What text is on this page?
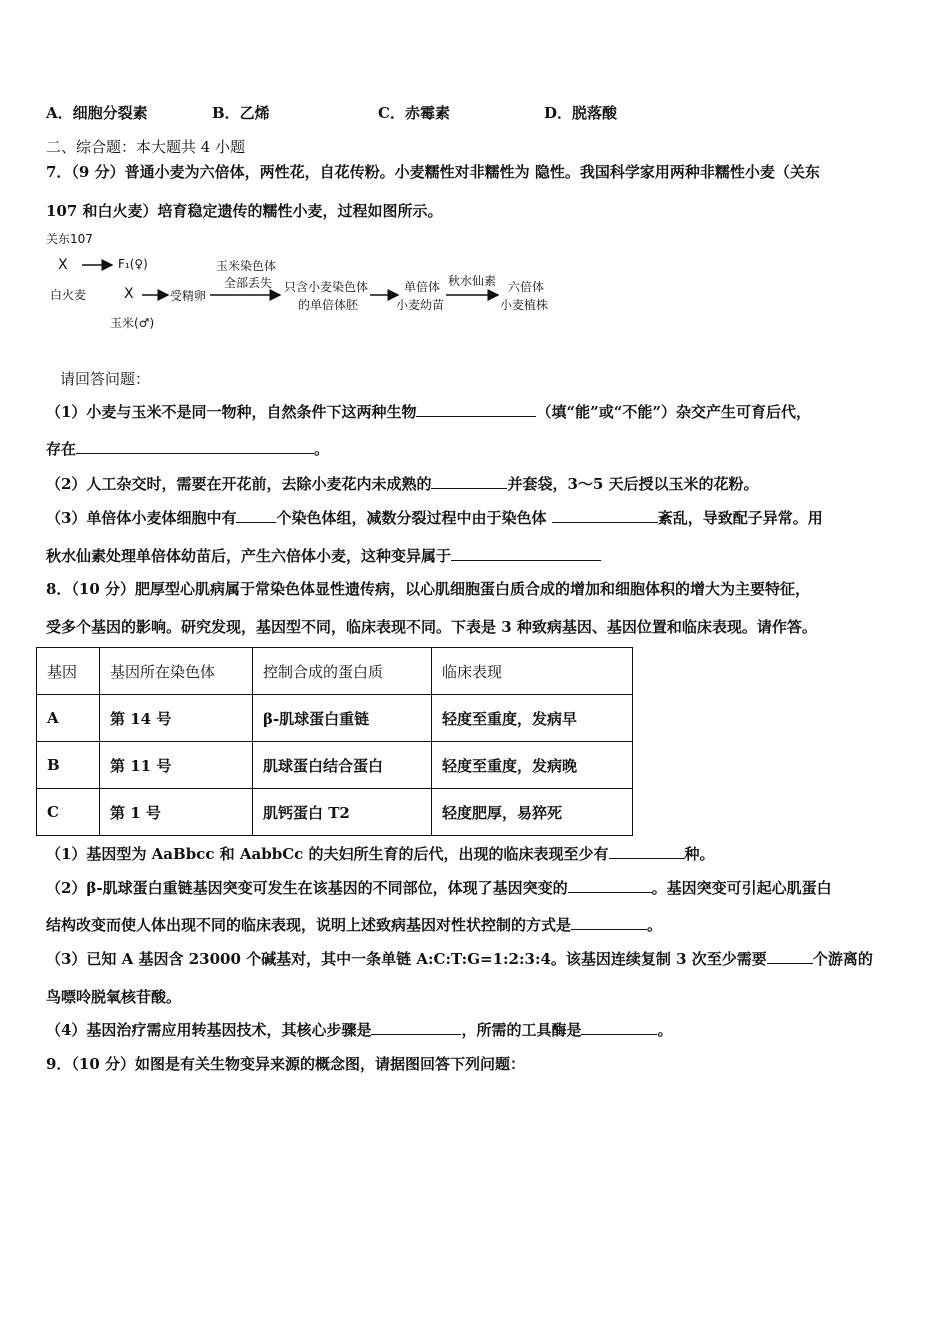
A．细胞分裂素	B．乙烯	C．赤霉素	D．脱落酸
二、综合题：本大题共 4 小题
7．（9 分）普通小麦为六倍体，两性花，自花传粉。小麦糯性对非糯性为 隐性。我国科学家用两种非糯性小麦（关东
107 和白火麦）培育稳定遗传的糯性小麦，过程如图所示。
关东107
X	F₁(♀)
白火麦	X	受精卵
玉米(♂)
玉米染色体
全部丢失 只含小麦染色体
的单倍体胚
单倍体
小麦幼苗
秋水仙素 六倍体
小麦植株
请回答问题：
（1）小麦与玉米不是同一物种，自然条件下这两种生物	（填“能”或“不能”）杂交产生可育后代，
存在	。
（2）人工杂交时，需要在开花前，去除小麦花内未成熟的	并套袋，3～5 天后授以玉米的花粉。
（3）单倍体小麦体细胞中有	个染色体组，减数分裂过程中由于染色体	紊乱，导致配子异常。用
秋水仙素处理单倍体幼苗后，产生六倍体小麦，这种变异属于
8．（10 分）肥厚型心肌病属于常染色体显性遗传病，以心肌细胞蛋白质合成的增加和细胞体积的增大为主要特征，
受多个基因的影响。研究发现，基因型不同，临床表现不同。下表是 3 种致病基因、基因位置和临床表现。请作答。
基因	基因所在染色体	控制合成的蛋白质	临床表现
A	第 14 号	β-肌球蛋白重链	轻度至重度，发病早
B	第 11 号	肌球蛋白结合蛋白	轻度至重度，发病晚
C	第 1 号	肌钙蛋白 T2	轻度肥厚，易猝死
（1）基因型为 AaBbcc 和 AabbCc 的夫妇所生育的后代，出现的临床表现至少有	种。
（2）β-肌球蛋白重链基因突变可发生在该基因的不同部位，体现了基因突变的	。基因突变可引起心肌蛋白
结构改变而使人体出现不同的临床表现，说明上述致病基因对性状控制的方式是	。
（3）已知 A 基因含 23000 个碱基对，其中一条单链 A:C:T:G=1:2:3:4。该基因连续复制 3 次至少需要	个游离的
鸟嘌呤脱氧核苷酸。
（4）基因治疗需应用转基因技术，其核心步骤是	，所需的工具酶是	。
9．（10 分）如图是有关生物变异来源的概念图，请据图回答下列问题：
